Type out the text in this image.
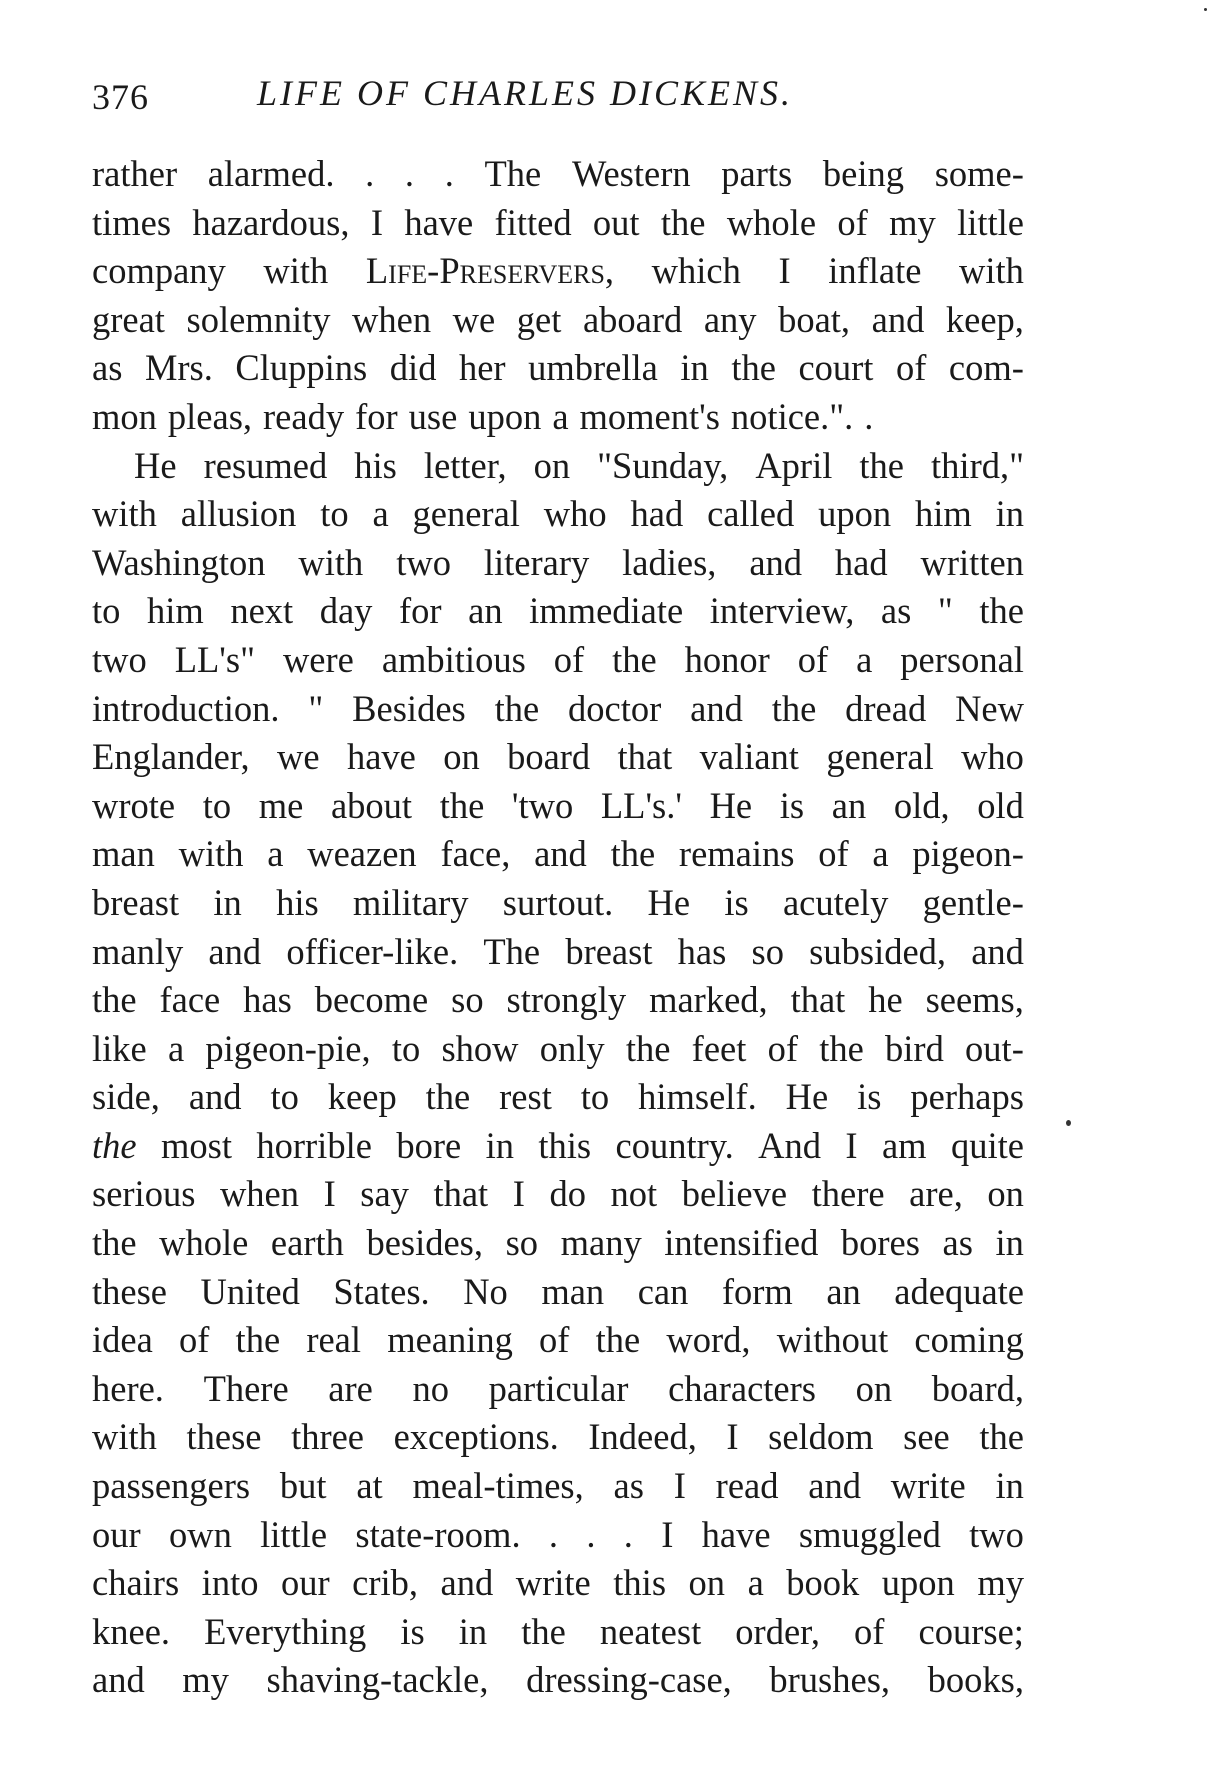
376	LIFE OF CHARLES DICKENS.
rather alarmed. . . . The Western parts being some-
times hazardous, I have fitted out the whole of my little
company with Life-Preservers, which I inflate with
great solemnity when we get aboard any boat, and keep,
as Mrs. Cluppins did her umbrella in the court of com-
mon pleas, ready for use upon a moment's notice.". .
He resumed his letter, on "Sunday, April the third,"
with allusion to a general who had called upon him in
Washington with two literary ladies, and had written
to him next day for an immediate interview, as " the
two LL's" were ambitious of the honor of a personal
introduction. " Besides the doctor and the dread New
Englander, we have on board that valiant general who
wrote to me about the 'two LL's.' He is an old, old
man with a weazen face, and the remains of a pigeon-
breast in his military surtout. He is acutely gentle-
manly and officer-like. The breast has so subsided, and
the face has become so strongly marked, that he seems,
like a pigeon-pie, to show only the feet of the bird out-
side, and to keep the rest to himself. He is perhaps
the most horrible bore in this country. And I am quite
serious when I say that I do not believe there are, on
the whole earth besides, so many intensified bores as in
these United States. No man can form an adequate
idea of the real meaning of the word, without coming
here. There are no particular characters on board,
with these three exceptions. Indeed, I seldom see the
passengers but at meal-times, as I read and write in
our own little state-room. . . . I have smuggled two
chairs into our crib, and write this on a book upon my
knee. Everything is in the neatest order, of course;
and my shaving-tackle, dressing-case, brushes, books,
